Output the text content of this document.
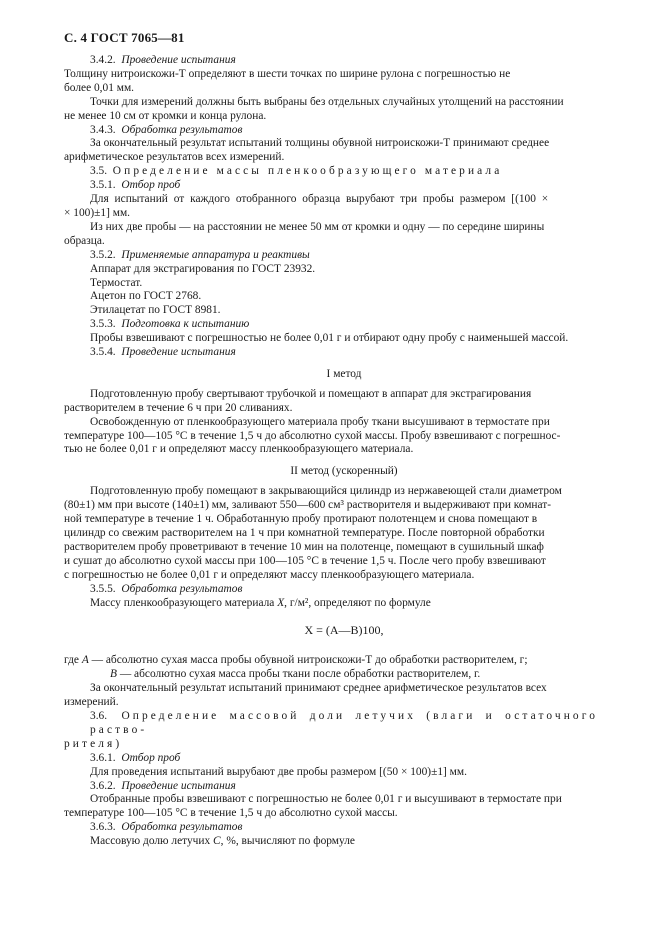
С. 4 ГОСТ 7065—81

3.4.2. Проведение испытания

Толщину нитроискожи-Т определяют в шести точках по ширине рулона с погрешностью не

более 0,01 мм.

Точки для измерений должны быть выбраны без отдельных случайных утолщений на расстоянии

не менее 10 см от кромки и конца рулона.

3.4.3. Обработка результатов

За окончательный результат испытаний толщины обувной нитроискожи-Т принимают среднее

арифметическое результатов всех измерений.

3.5. Определение массы пленкообразующего материала

3.5.1. Отбор проб

Для испытаний от каждого отобранного образца вырубают три пробы размером [(100 ×

× 100)±1] мм.

Из них две пробы — на расстоянии не менее 50 мм от кромки и одну — по середине ширины

образца.

3.5.2. Применяемые аппаратура и реактивы

Аппарат для экстрагирования по ГОСТ 23932.

Термостат.

Ацетон по ГОСТ 2768.

Этилацетат по ГОСТ 8981.

3.5.3. Подготовка к испытанию

Пробы взвешивают с погрешностью не более 0,01 г и отбирают одну пробу с наименьшей массой.

3.5.4. Проведение испытания

I метод

Подготовленную пробу свертывают трубочкой и помещают в аппарат для экстрагирования

растворителем в течение 6 ч при 20 сливаниях.

Освобожденную от пленкообразующего материала пробу ткани высушивают в термостате при

температуре 100—105 °С в течение 1,5 ч до абсолютно сухой массы. Пробу взвешивают с погрешнос-

тью не более 0,01 г и определяют массу пленкообразующего материала.

II метод (ускоренный)

Подготовленную пробу помещают в закрывающийся цилиндр из нержавеющей стали диаметром

(80±1) мм при высоте (140±1) мм, заливают 550—600 см³ растворителя и выдерживают при комнат-

ной температуре в течение 1 ч. Обработанную пробу протирают полотенцем и снова помещают в

цилиндр со свежим растворителем на 1 ч при комнатной температуре. После повторной обработки

растворителем пробу проветривают в течение 10 мин на полотенце, помещают в сушильный шкаф

и сушат до абсолютно сухой массы при 100—105 °С в течение 1,5 ч. После чего пробу взвешивают

с погрешностью не более 0,01 г и определяют массу пленкообразующего материала.

3.5.5. Обработка результатов

Массу пленкообразующего материала X, г/м², определяют по формуле

X = (A—B)100,

где A — абсолютно сухая масса пробы обувной нитроискожи-Т до обработки растворителем, г;

B — абсолютно сухая масса пробы ткани после обработки растворителем, г.

За окончательный результат испытаний принимают среднее арифметическое результатов всех

измерений.

3.6. Определение массовой доли летучих (влаги и остаточного раство-

рителя)

3.6.1. Отбор проб

Для проведения испытаний вырубают две пробы размером [(50 × 100)±1] мм.

3.6.2. Проведение испытания

Отобранные пробы взвешивают с погрешностью не более 0,01 г и высушивают в термостате при

температуре 100—105 °С в течение 1,5 ч до абсолютно сухой массы.

3.6.3. Обработка результатов

Массовую долю летучих C, %, вычисляют по формуле
